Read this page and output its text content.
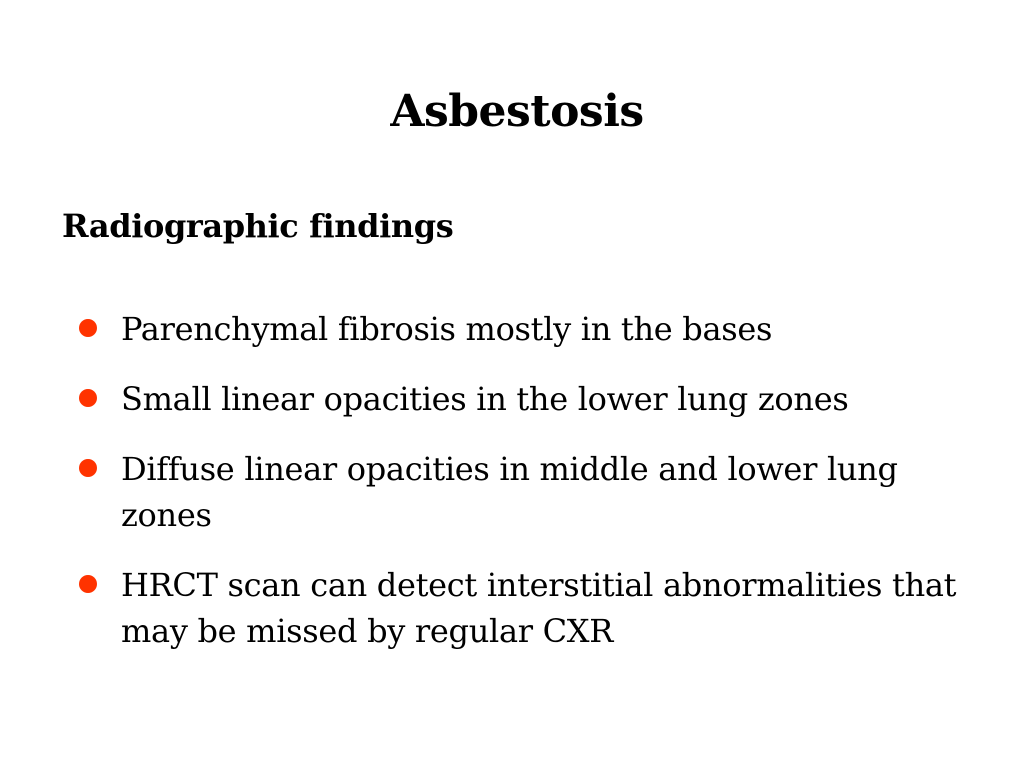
Asbestosis
Radiographic findings
Parenchymal fibrosis mostly in the bases
Small linear opacities in the lower lung zones
Diffuse linear opacities in middle and lower lung zones
HRCT scan can detect interstitial abnormalities that may be missed by regular CXR
